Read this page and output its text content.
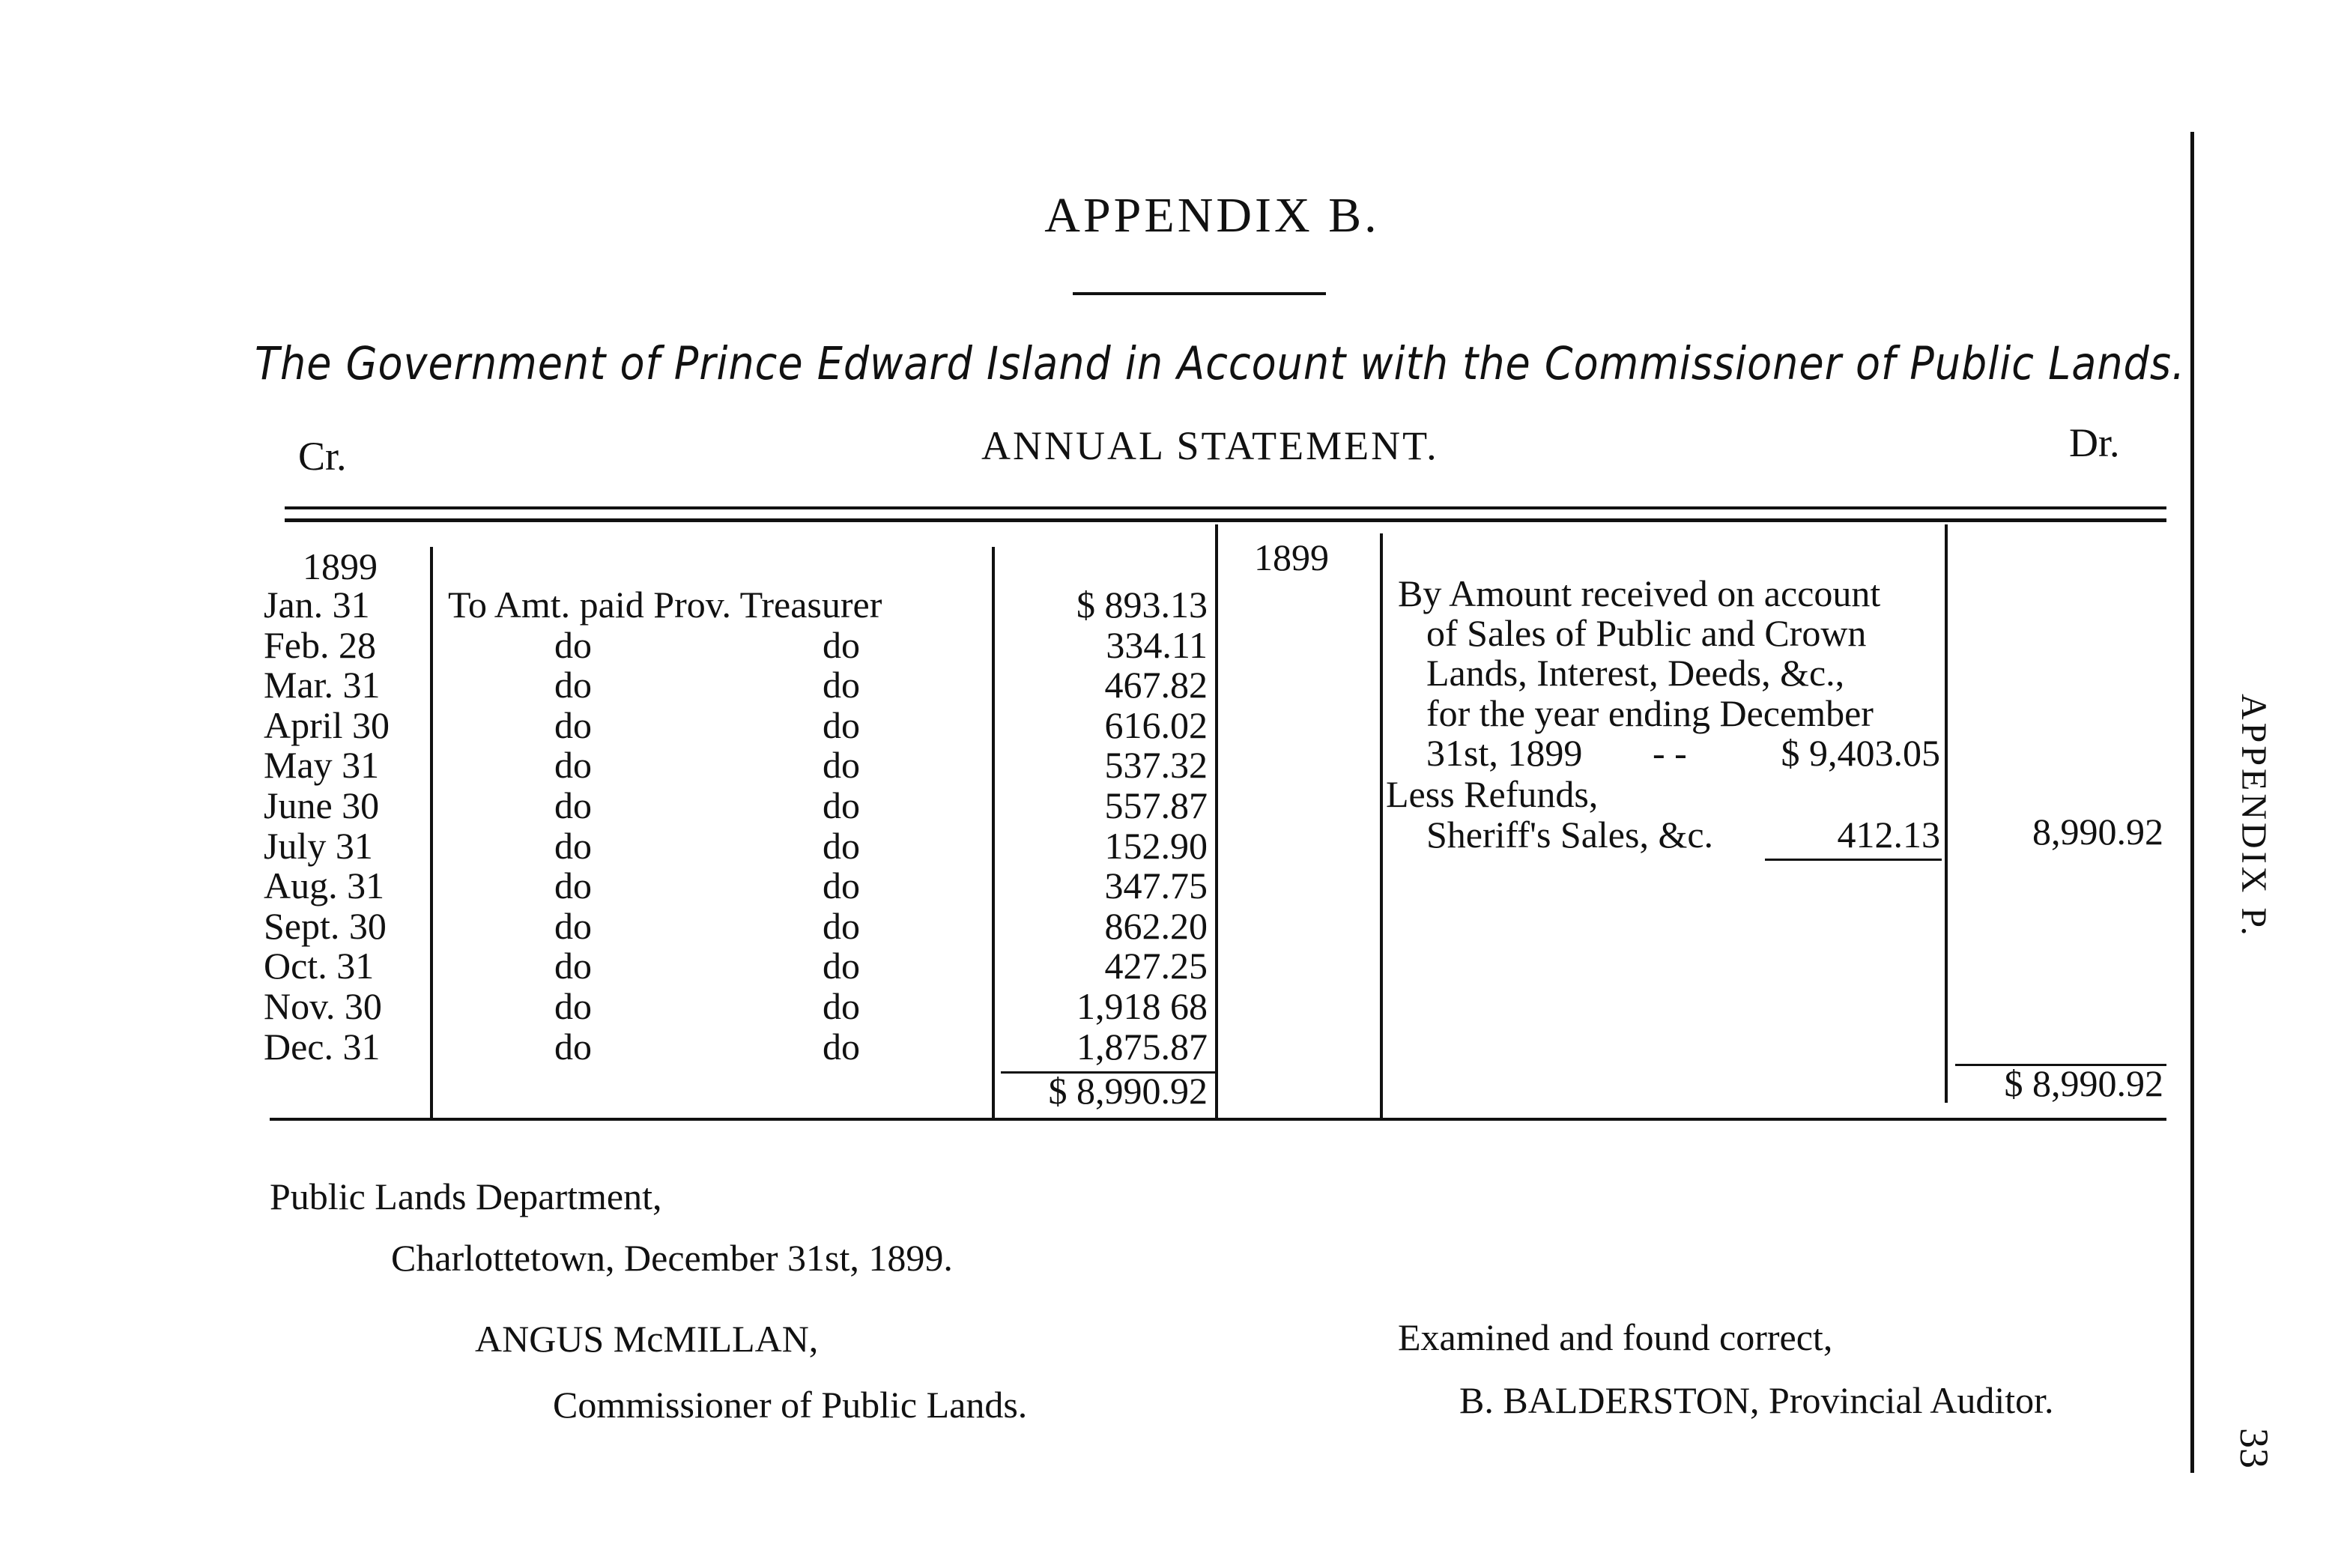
APPENDIX B.
The Government of Prince Edward Island in Account with the Commissioner of Public Lands.
Cr.	ANNUAL STATEMENT.	Dr.
1899
Jan. 31 To Amt. paid Prov. Treasurer	$ 893.13
Feb. 28	do	do	334.11
Mar. 31	do	do	467.82
April 30	do	do	616.02
May 31	do	do	537.32
June 30	do	do	557.87
July 31	do	do	152.90
Aug. 31	do	do	347.75
Sept. 30	do	do	862.20
Oct. 31	do	do	427.25
Nov. 30	do	do	1,918 68
Dec. 31	do	do	1,875.87
$ 8,990.92
1899
By Amount received on account
of Sales of Public and Crown
Lands, Interest, Deeds, &c.,
for the year ending December
31st, 1899 - -	$ 9,403.05
Less Refunds,
Sheriff's Sales, &c.	412.13	8,990.92
$ 8,990.92
Public Lands Department,
Charlottetown, December 31st, 1899.
ANGUS McMILLAN,
Commissioner of Public Lands.
Examined and found correct,
B. BALDERSTON, Provincial Auditor.
APPENDIX P.
33
